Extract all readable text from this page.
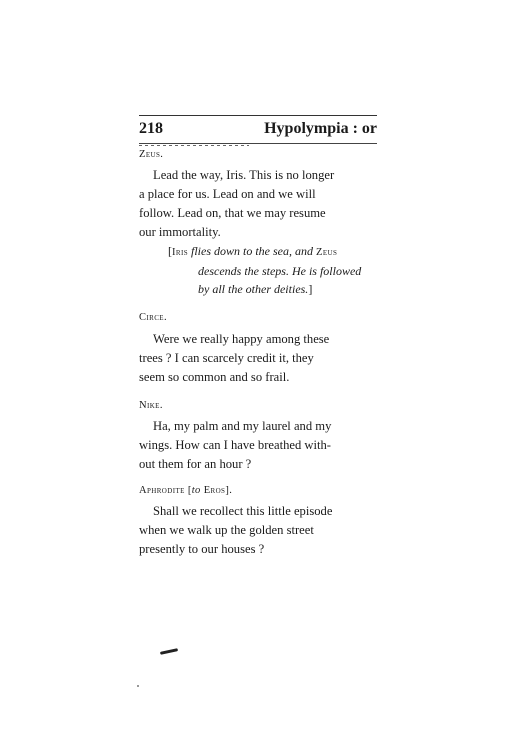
218	Hypolympia : or
Zeus.
Lead the way, Iris. This is no longer
a place for us. Lead on and we will
follow. Lead on, that we may resume
our immortality.
[Iris flies down to the sea, and Zeus
descends the steps. He is followed
by all the other deities.]
Circe.
Were we really happy among these
trees ? I can scarcely credit it, they
seem so common and so frail.
Nike.
Ha, my palm and my laurel and my
wings. How can I have breathed with-
out them for an hour ?
Aphrodite [to Eros].
Shall we recollect this little episode
when we walk up the golden street
presently to our houses ?
